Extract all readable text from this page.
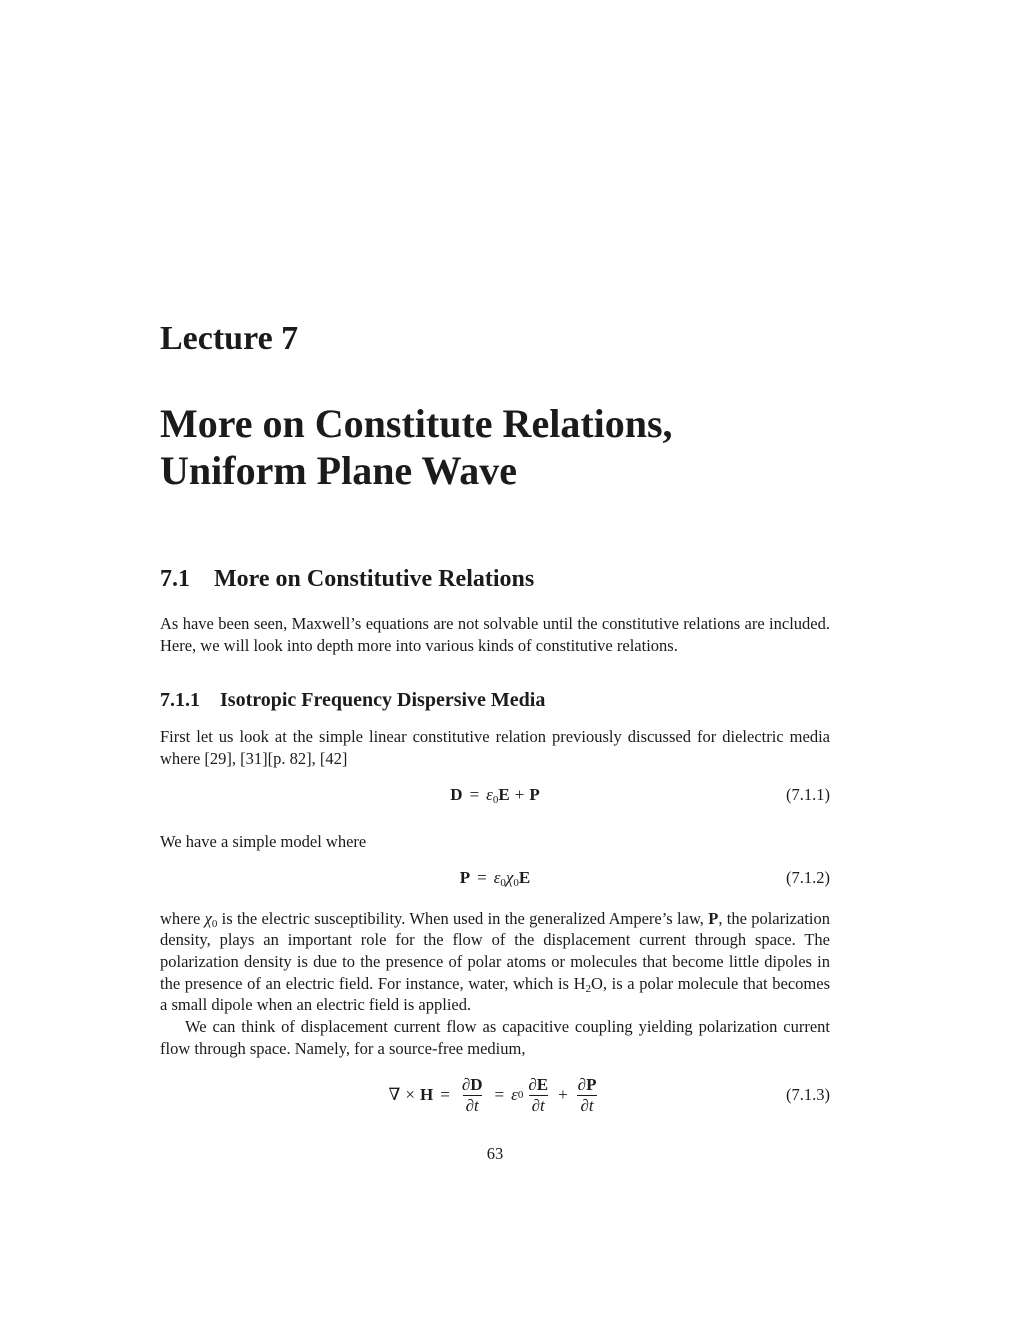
Lecture 7
More on Constitute Relations,
Uniform Plane Wave
7.1 More on Constitutive Relations

As have been seen, Maxwell’s equations are not solvable until the constitutive relations are included. Here, we will look into depth more into various kinds of constitutive relations.

7.1.1 Isotropic Frequency Dispersive Media

First let us look at the simple linear constitutive relation previously discussed for dielectric media where [29], [31][p. 82], [42]

$D = \varepsilon_0E + P$	(7.1.1)

We have a simple model where

$P = \varepsilon_0\chi_0E$	(7.1.2)

where $\chi_0$ is the electric susceptibility. When used in the generalized Ampere’s law, P, the polarization density, plays an important role for the flow of the displacement current through space. The polarization density is due to the presence of polar atoms or molecules that become little dipoles in the presence of an electric field. For instance, water, which is $H_2O$, is a polar molecule that becomes a small dipole when an electric field is applied.

We can think of displacement current flow as capacitive coupling yielding polarization current flow through space. Namely, for a source-free medium,

∇ × $H = \frac{\partial D}{\partial t} = \varepsilon$ $0 \frac{\partial E}{\partial t} + \frac{\partial P}{\partial t}$	(7.1.3)
63
